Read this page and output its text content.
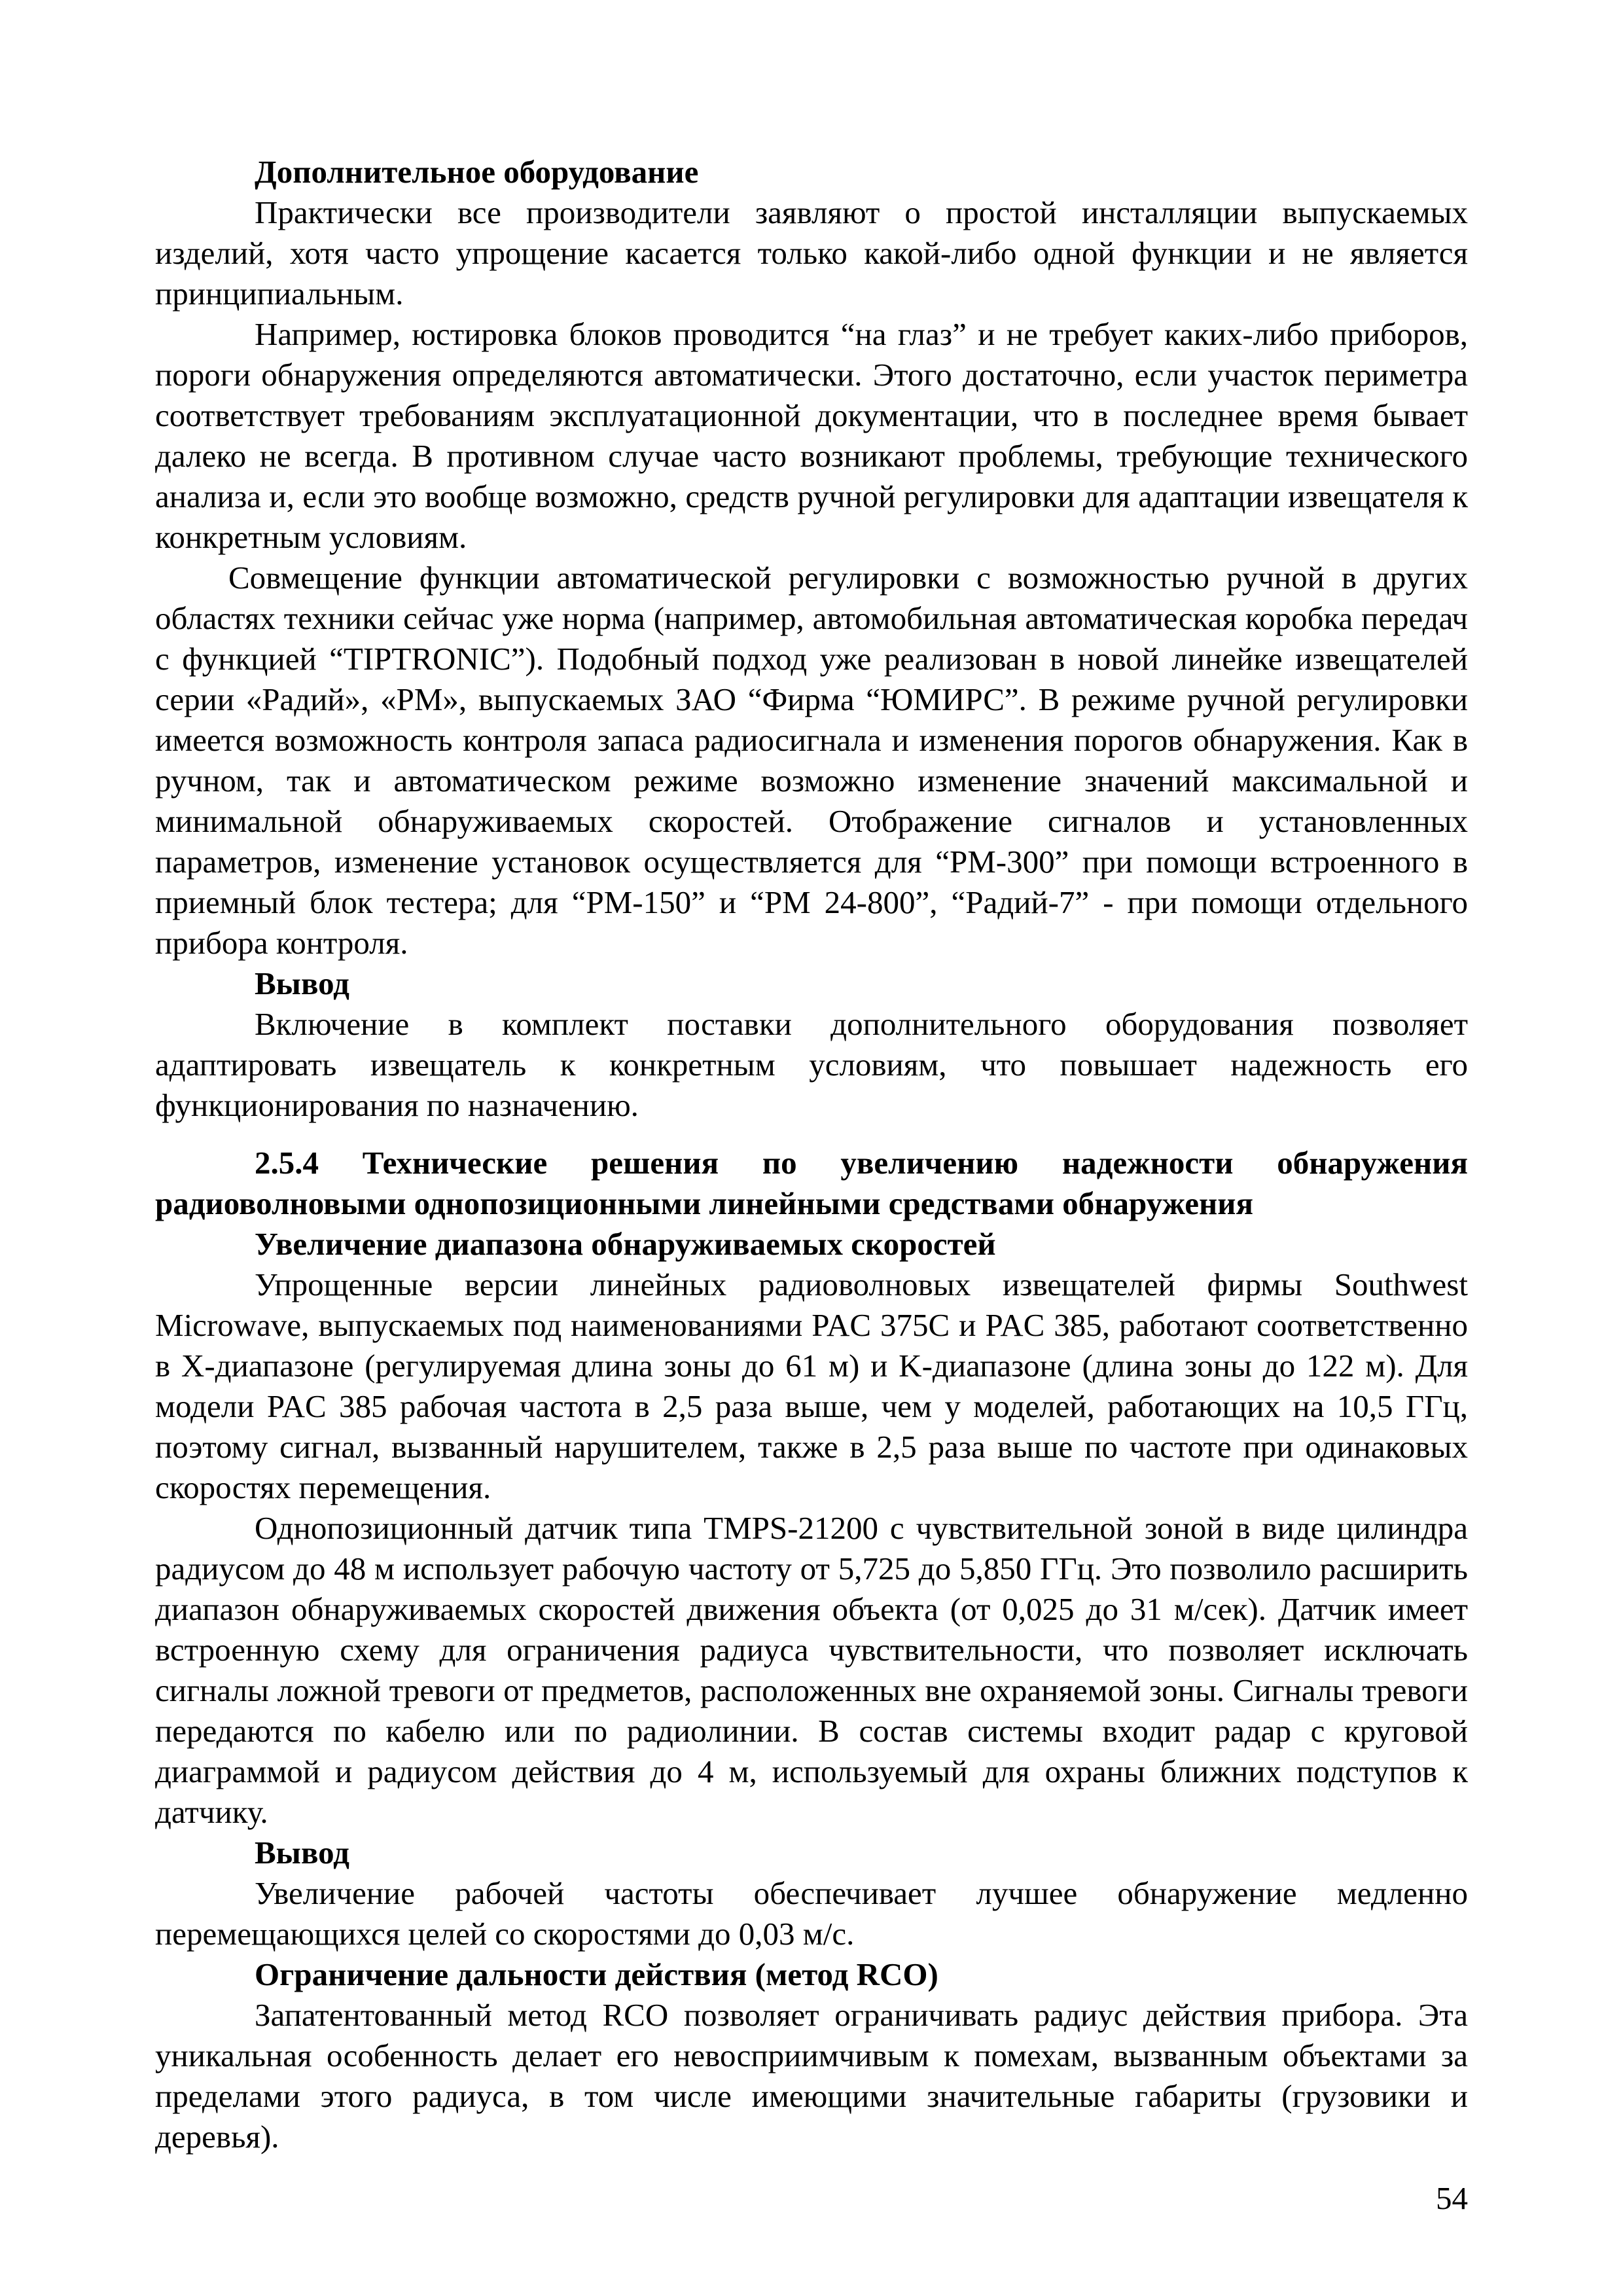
Дополнительное оборудование

Практически все производители заявляют о простой инсталляции выпускаемых изделий, хотя часто упрощение касается только какой-либо одной функции и не является принципиальным.

Например, юстировка блоков проводится “на глаз” и не требует каких-либо приборов, пороги обнаружения определяются автоматически. Этого достаточно, если участок периметра соответствует требованиям эксплуатационной документации, что в последнее время бывает далеко не всегда. В противном случае часто возникают проблемы, требующие технического анализа и, если это вообще возможно, средств ручной регулировки для адаптации извещателя к конкретным условиям.

Совмещение функции автоматической регулировки с возможностью ручной в других областях техники сейчас уже норма (например, автомобильная автоматическая коробка передач с функцией “TIPTRONIC”). Подобный подход уже реализован в новой линейке извещателей серии «Радий», «РМ», выпускаемых ЗАО “Фирма “ЮМИРС”. В режиме ручной регулировки имеется возможность контроля запаса радиосигнала и изменения порогов обнаружения. Как в ручном, так и автоматическом режиме возможно изменение значений максимальной и минимальной обнаруживаемых скоростей. Отображение сигналов и установленных параметров, изменение установок осуществляется для “РМ-300” при помощи встроенного в приемный блок тестера; для “РМ-150” и “РМ 24-800”, “Радий-7” - при помощи отдельного прибора контроля.

Вывод

Включение в комплект поставки дополнительного оборудования позволяет адаптировать извещатель к конкретным условиям, что повышает надежность его функционирования по назначению.

2.5.4 Технические решения по увеличению надежности обнаружения радиоволновыми однопозиционными линейными средствами обнаружения

Увеличение диапазона обнаруживаемых скоростей

Упрощенные версии линейных радиоволновых извещателей фирмы Southwest Microwave, выпускаемых под наименованиями PAC 375C и PAC 385, работают соответственно в X-диапазоне (регулируемая длина зоны до 61 м) и K-диапазоне (длина зоны до 122 м). Для модели PAC 385 рабочая частота в 2,5 раза выше, чем у моделей, работающих на 10,5 ГГц, поэтому сигнал, вызванный нарушителем, также в 2,5 раза выше по частоте при одинаковых скоростях перемещения.

Однопозиционный датчик типа TMPS-21200 с чувствительной зоной в виде цилиндра радиусом до 48 м использует рабочую частоту от 5,725 до 5,850 ГГц. Это позволило расширить диапазон обнаруживаемых скоростей движения объекта (от 0,025 до 31 м/сек). Датчик имеет встроенную схему для ограничения радиуса чувствительности, что позволяет исключать сигналы ложной тревоги от предметов, расположенных вне охраняемой зоны. Сигналы тревоги передаются по кабелю или по радиолинии. В состав системы входит радар с круговой диаграммой и радиусом действия до 4 м, используемый для охраны ближних подступов к датчику.

Вывод

Увеличение рабочей частоты обеспечивает лучшее обнаружение медленно перемещающихся целей со скоростями до 0,03 м/с.

Ограничение дальности действия (метод RCO)

Запатентованный метод RCO позволяет ограничивать радиус действия прибора. Эта уникальная особенность делает его невосприимчивым к помехам, вызванным объектами за пределами этого радиуса, в том числе имеющими значительные габариты (грузовики и деревья).

54
